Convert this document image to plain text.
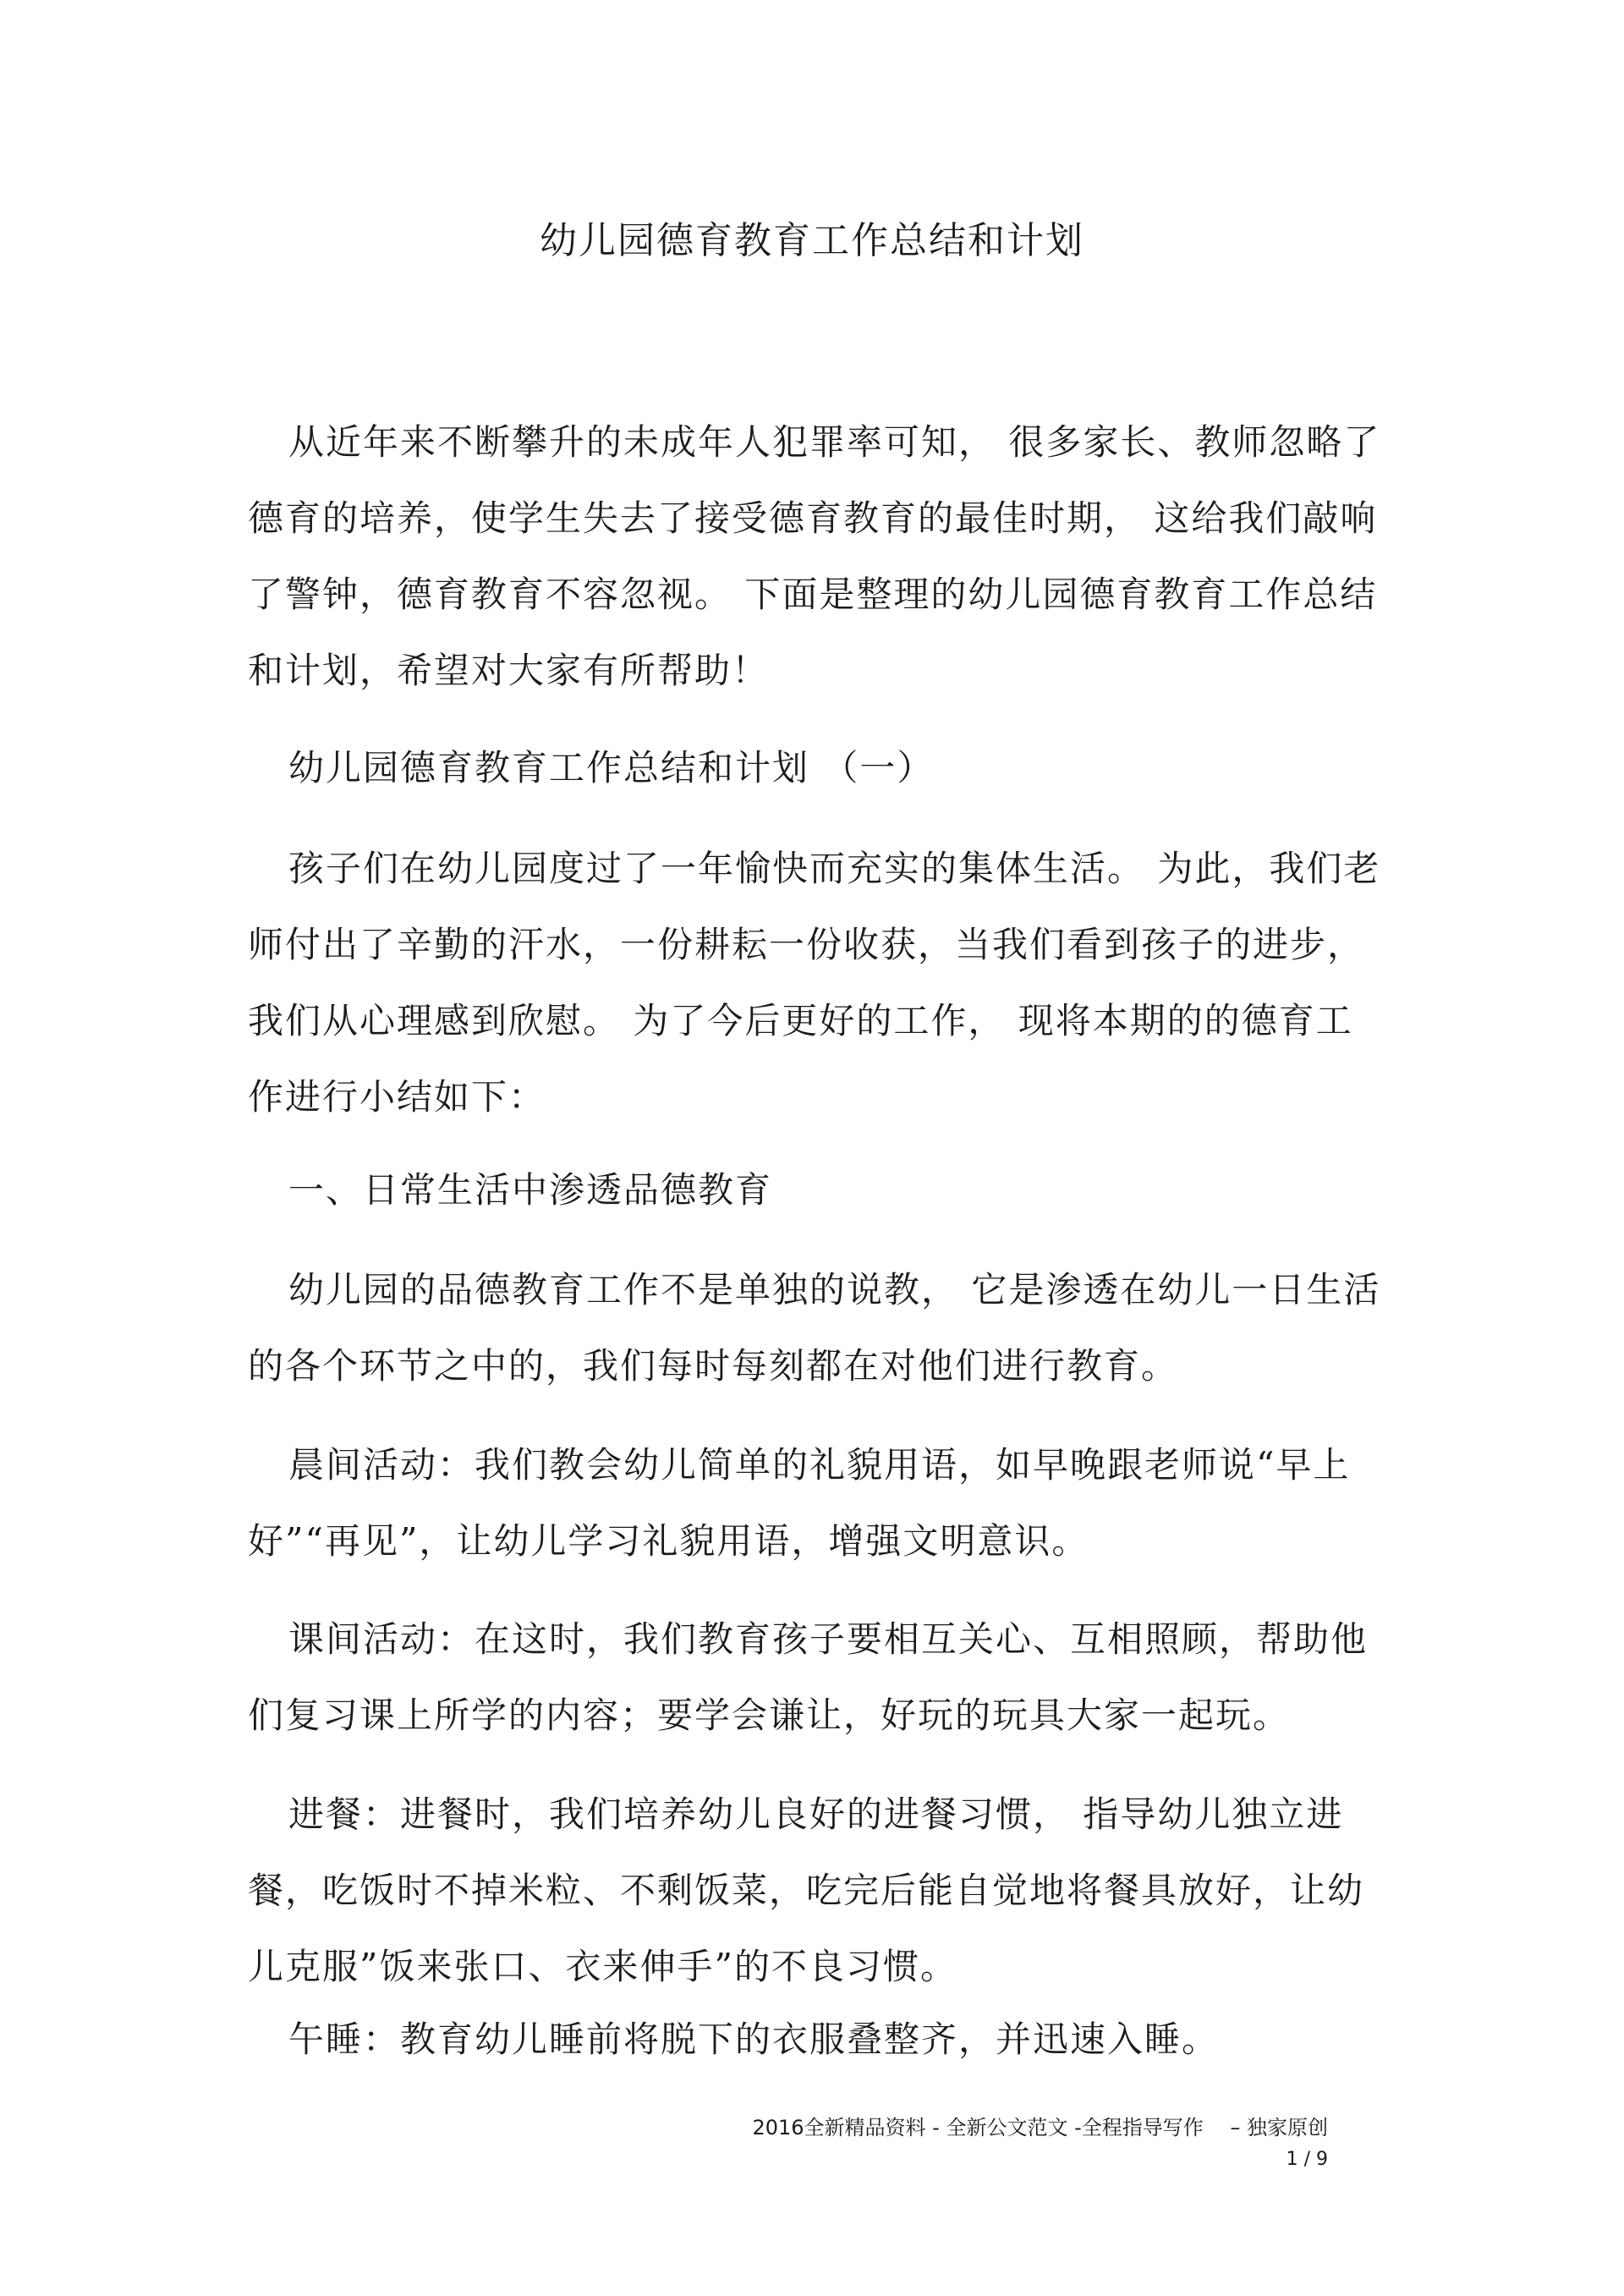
幼儿园德育教育工作总结和计划

从近年来不断攀升的未成年人犯罪率可知， 很多家长、教师忽略了德育的培养，使学生失去了接受德育教育的最佳时期， 这给我们敲响了警钟，德育教育不容忽视。 下面是整理的幼儿园德育教育工作总结和计划，希望对大家有所帮助！

幼儿园德育教育工作总结和计划 （一）

孩子们在幼儿园度过了一年愉快而充实的集体生活。 为此，我们老师付出了辛勤的汗水，一份耕耘一份收获，当我们看到孩子的进步，我们从心理感到欣慰。 为了今后更好的工作， 现将本期的的德育工作进行小结如下：

一、日常生活中渗透品德教育

幼儿园的品德教育工作不是单独的说教， 它是渗透在幼儿一日生活的各个环节之中的，我们每时每刻都在对他们进行教育。

晨间活动：我们教会幼儿简单的礼貌用语，如早晚跟老师说“早上好”“再见”，让幼儿学习礼貌用语，增强文明意识。

课间活动：在这时，我们教育孩子要相互关心、互相照顾，帮助他们复习课上所学的内容；要学会谦让，好玩的玩具大家一起玩。

进餐：进餐时，我们培养幼儿良好的进餐习惯， 指导幼儿独立进餐，吃饭时不掉米粒、不剩饭菜，吃完后能自觉地将餐具放好，让幼儿克服”饭来张口、衣来伸手”的不良习惯。

午睡：教育幼儿睡前将脱下的衣服叠整齐，并迅速入睡。

2016全新精品资料 - 全新公文范文 -全程指导写作　 – 独家原创
1 / 9
